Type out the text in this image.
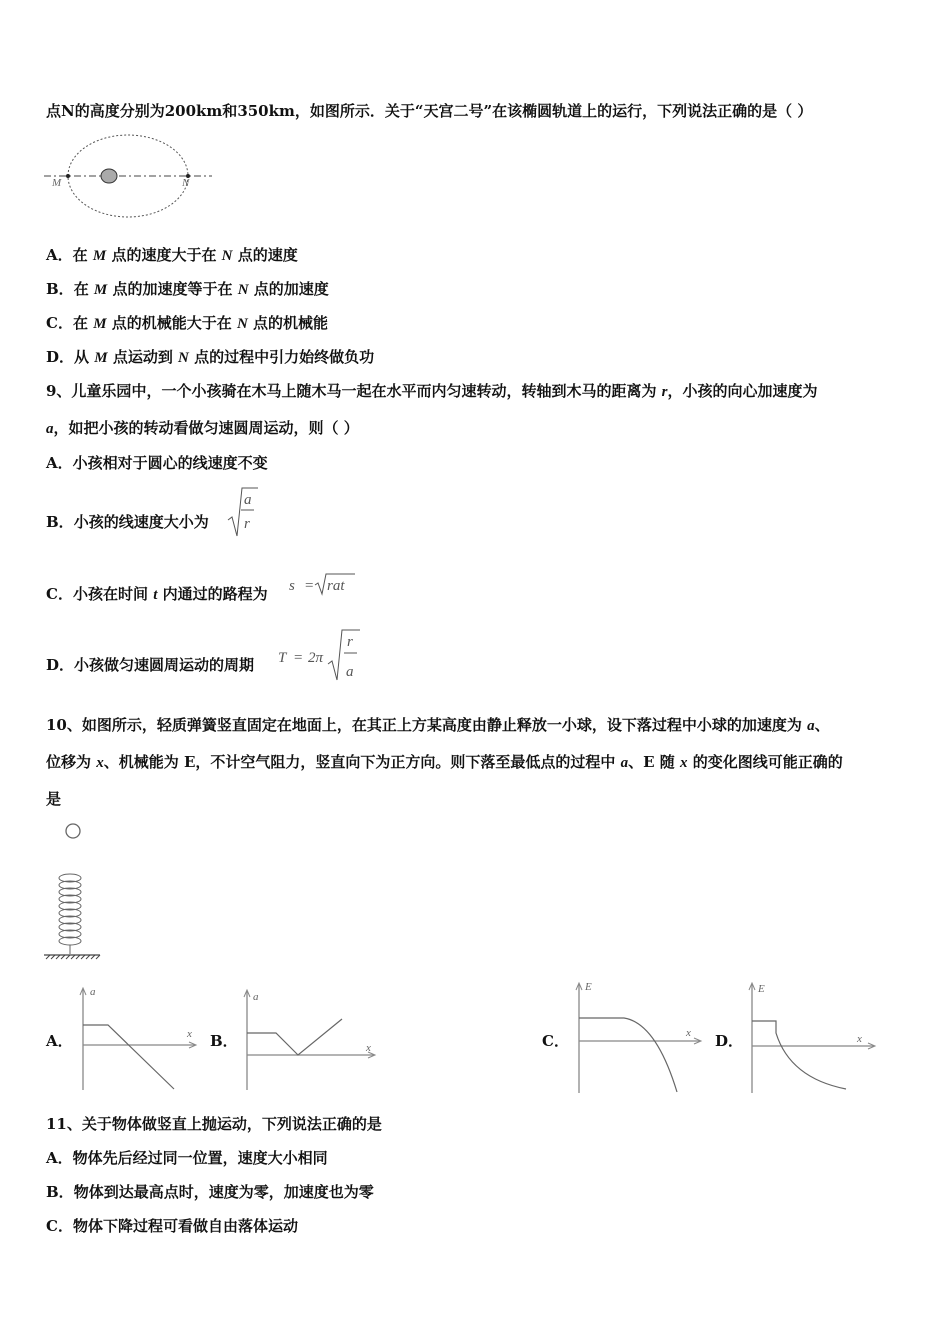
点N的高度分别为200km和350km，如图所示．关于“天宫二号”在该椭圆轨道上的运行，下列说法正确的是（ ）
M	N
A．在 M 点的速度大于在 N 点的速度
B．在 M 点的加速度等于在 N 点的加速度
C．在 M 点的机械能大于在 N 点的机械能
D．从 M 点运动到 N 点的过程中引力始终做负功
9、儿童乐园中，一个小孩骑在木马上随木马一起在水平而内匀速转动，转轴到木马的距离为 r，小孩的向心加速度为
a，如把小孩的转动看做匀速圆周运动，则（ ）
A．小孩相对于圆心的线速度不变
B．小孩的线速度大小为
a
r
C．小孩在时间 t 内通过的路程为 s = rat
D．小孩做匀速圆周运动的周期 T = 2π
r
a
10、如图所示，轻质弹簧竖直固定在地面上，在其正上方某高度由静止释放一小球，设下落过程中小球的加速度为 a、
位移为 x、机械能为 E，不计空气阻力，竖直向下为正方向。则下落至最低点的过程中 a、E 随 x 的变化图线可能正确的
是
A．	B．	C．	D．
a
x
a
x
E
x
E
x
11、关于物体做竖直上抛运动，下列说法正确的是
A．物体先后经过同一位置，速度大小相同
B．物体到达最高点时，速度为零，加速度也为零
C．物体下降过程可看做自由落体运动
